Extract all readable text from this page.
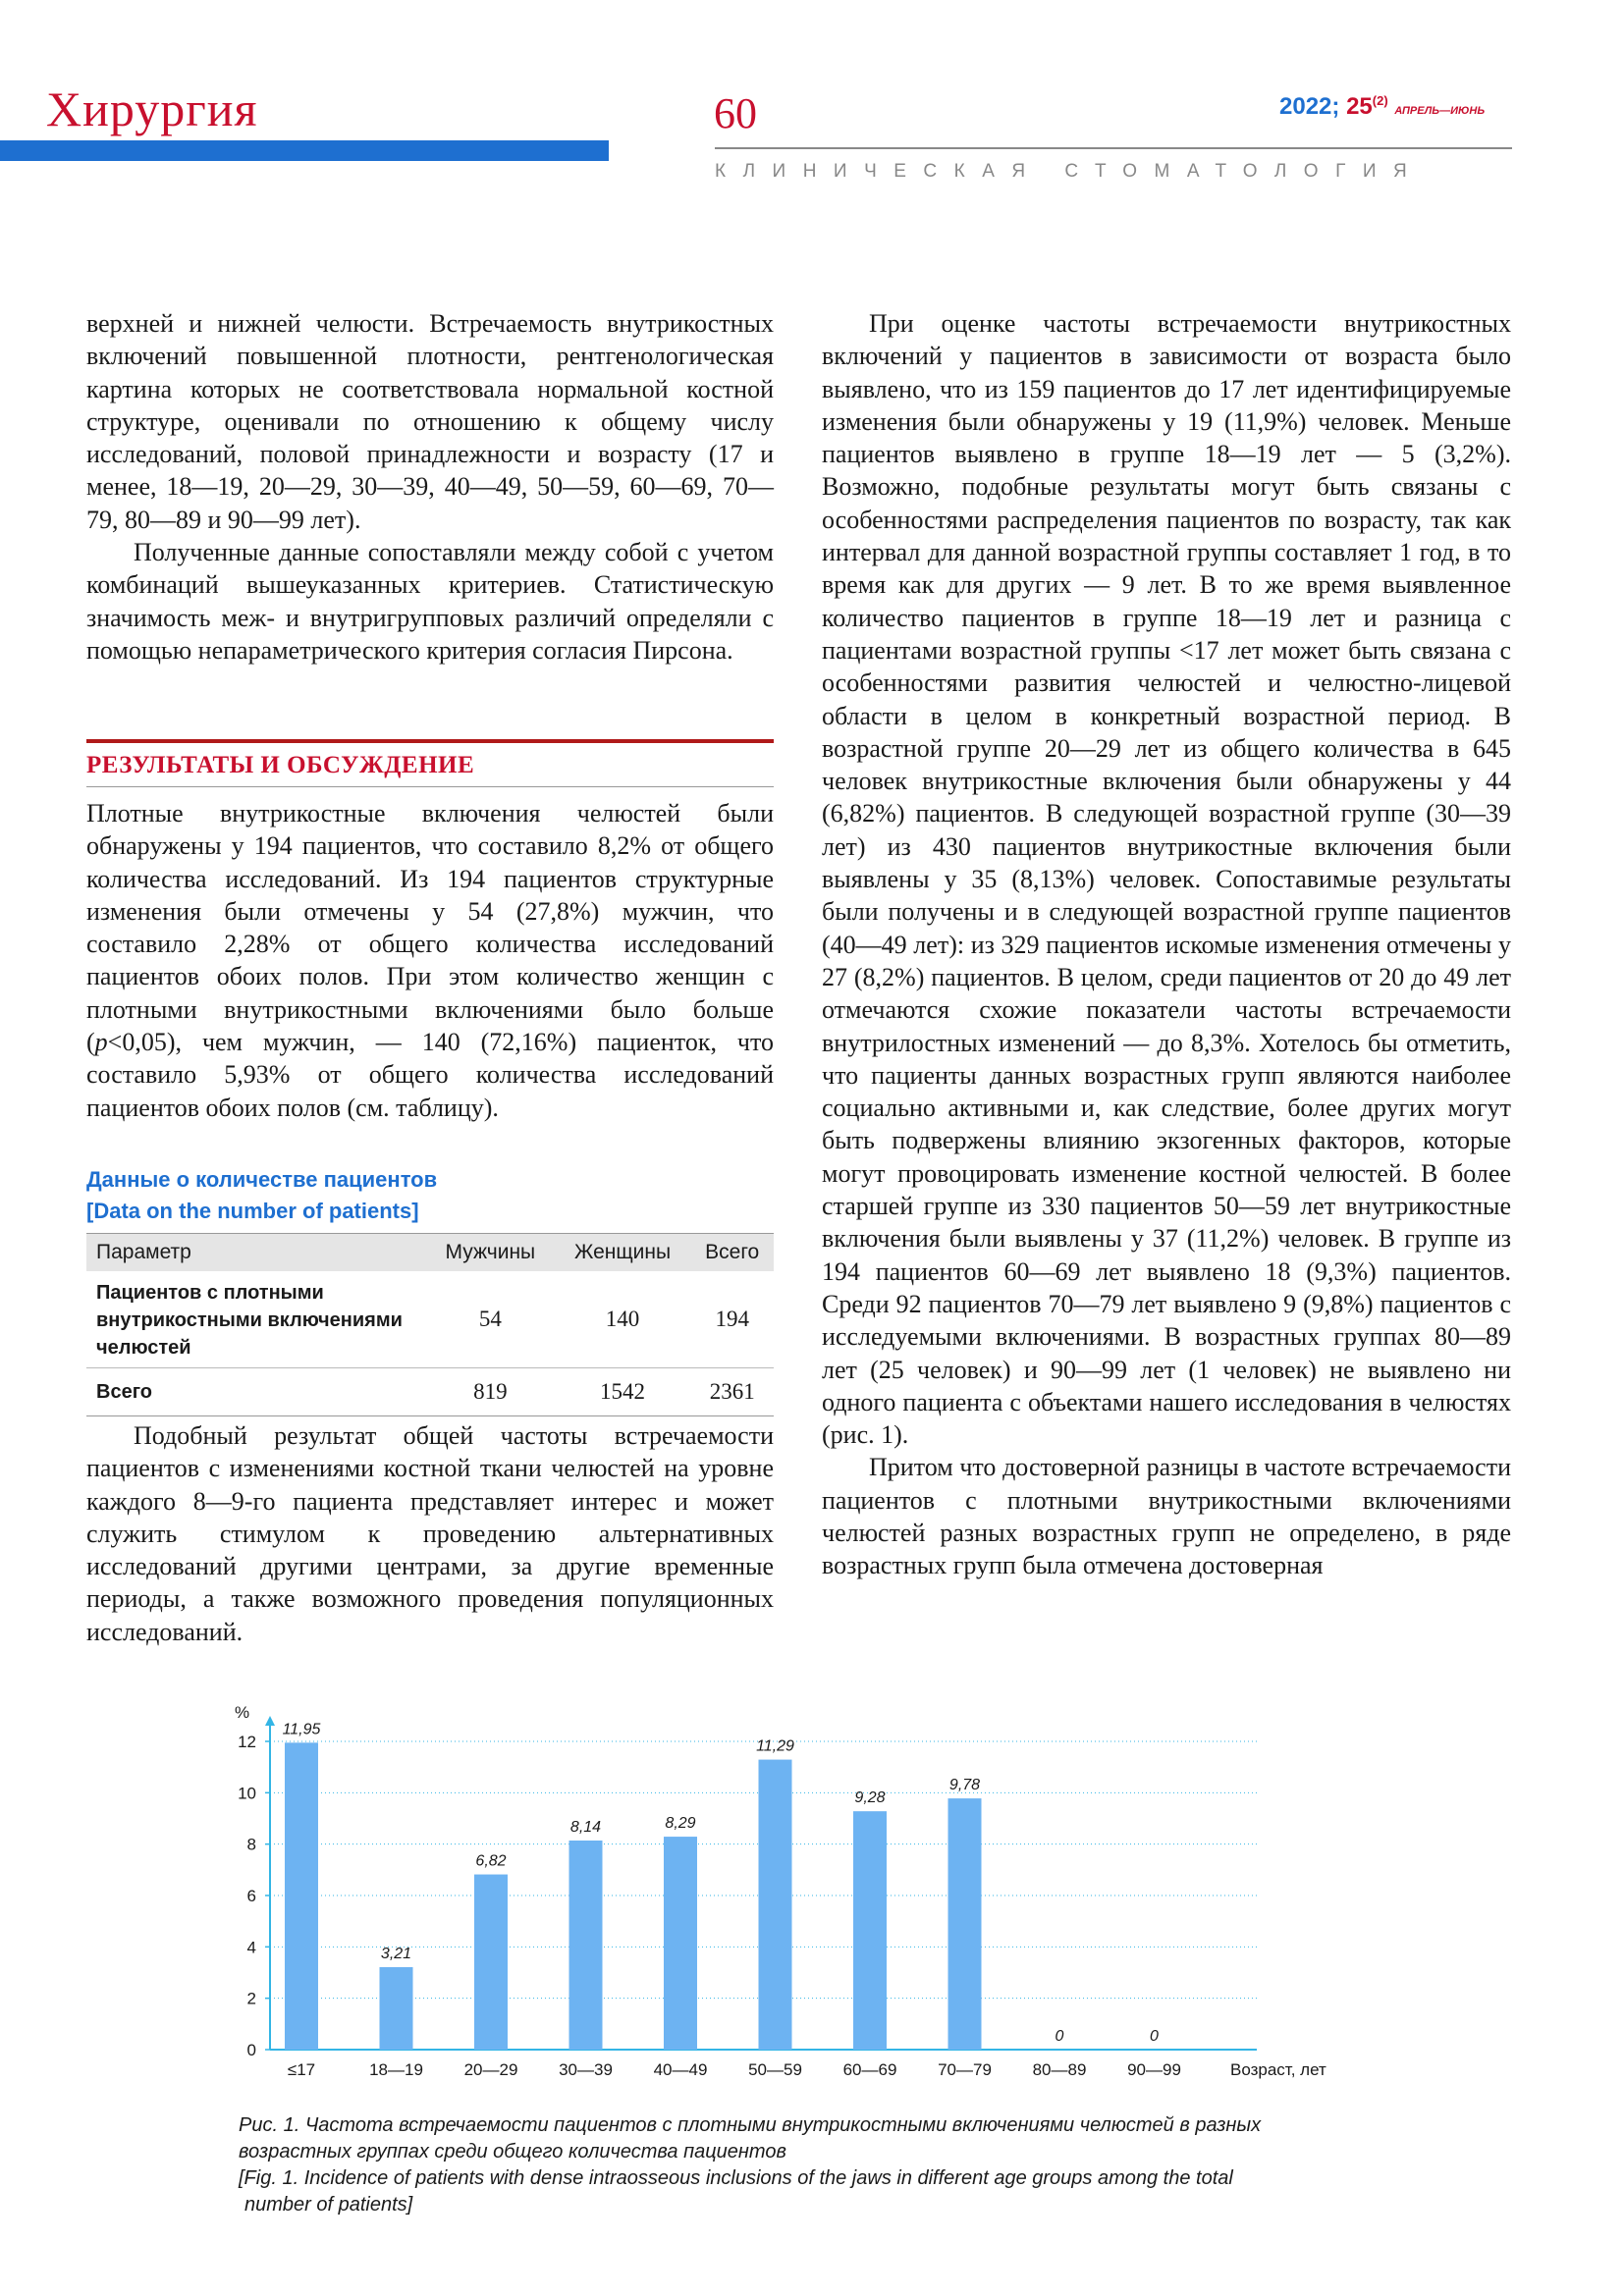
Хирургия	60	2022; 25$^{(2)}$ АПРЕЛЬ—ИЮНЬ
КЛИНИЧЕСКАЯ СТОМАТОЛОГИЯ

верхней и нижней челюсти. Встречаемость внутрикостных включений повышенной плотности, рентгенологическая картина которых не соответствовала нормальной костной структуре, оценивали по отношению к общему числу исследований, половой принадлежности и возрасту (17 и менее, 18—19, 20—29, 30—39, 40—49, 50—59, 60—69, 70—79, 80—89 и 90—99 лет).

Полученные данные сопоставляли между собой с учетом комбинаций вышеуказанных критериев. Статистическую значимость меж- и внутригрупповых различий определяли с помощью непараметрического критерия согласия Пирсона.

РЕЗУЛЬТАТЫ И ОБСУЖДЕНИЕ

Плотные внутрикостные включения челюстей были обнаружены у 194 пациентов, что составило 8,2% от общего количества исследований. Из 194 пациентов структурные изменения были отмечены у 54 (27,8%) мужчин, что составило 2,28% от общего количества исследований пациентов обоих полов. При этом количество женщин с плотными внутрикостными включениями было больше (p<0,05), чем мужчин, — 140 (72,16%) пациенток, что составило 5,93% от общего количества исследований пациентов обоих полов (см. таблицу).

Данные о количестве пациентов
[Data on the number of patients]
Параметр	Мужчины	Женщины	Всего
Пациентов с плотными внутрикостными включениями челюстей	54	140	194
Всего	819	1542	2361

Подобный результат общей частоты встречаемости пациентов с изменениями костной ткани челюстей на уровне каждого 8—9-го пациента представляет интерес и может служить стимулом к проведению альтернативных исследований другими центрами, за другие временные периоды, а также возможного проведения популяционных исследований.

При оценке частоты встречаемости внутрикостных включений у пациентов в зависимости от возраста было выявлено, что из 159 пациентов до 17 лет идентифицируемые изменения были обнаружены у 19 (11,9%) человек. Меньше пациентов выявлено в группе 18—19 лет — 5 (3,2%). Возможно, подобные результаты могут быть связаны с особенностями распределения пациентов по возрасту, так как интервал для данной возрастной группы составляет 1 год, в то время как для других — 9 лет. В то же время выявленное количество пациентов в группе 18—19 лет и разница с пациентами возрастной группы <17 лет может быть связана с особенностями развития челюстей и челюстно-лицевой области в целом в конкретный возрастной период. В возрастной группе 20—29 лет из общего количества в 645 человек внутрикостные включения были обнаружены у 44 (6,82%) пациентов. В следующей возрастной группе (30—39 лет) из 430 пациентов внутрикостные включения были выявлены у 35 (8,13%) человек. Сопоставимые результаты были получены и в следующей возрастной группе пациентов (40—49 лет): из 329 пациентов искомые изменения отмечены у 27 (8,2%) пациентов. В целом, среди пациентов от 20 до 49 лет отмечаются схожие показатели частоты встречаемости внутрилостных изменений — до 8,3%. Хотелось бы отметить, что пациенты данных возрастных групп являются наиболее социально активными и, как следствие, более других могут быть подвержены влиянию экзогенных факторов, которые могут провоцировать изменение костной челюстей. В более старшей группе из 330 пациентов 50—59 лет внутрикостные включения были выявлены у 37 (11,2%) человек. В группе из 194 пациентов 60—69 лет выявлено 18 (9,3%) пациентов. Среди 92 пациентов 70—79 лет выявлено 9 (9,8%) пациентов с исследуемыми включениями. В возрастных группах 80—89 лет (25 человек) и 90—99 лет (1 человек) не выявлено ни одного пациента с объектами нашего исследования в челюстях (рис. 1).

Притом что достоверной разницы в частоте встречаемости пациентов с плотными внутрикостными включениями челюстей разных возрастных групп не определено, в ряде возрастных групп была отмечена достоверная

0
2
4
6
8
10
12
%
11,95
≤17
3,21
18—19
6,82
20—29
8,14
30—39
8,29
40—49
11,29
50—59
9,28
60—69
9,78
70—79
0
80—89
0
90—99	Возраст, лет
Рис. 1. Частота встречаемости пациентов с плотными внутрикостными включениями челюстей в разных
возрастных группах среди общего количества пациентов
[Fig. 1. Incidence of patients with dense intraosseous inclusions of the jaws in different age groups among the total
number of patients]
